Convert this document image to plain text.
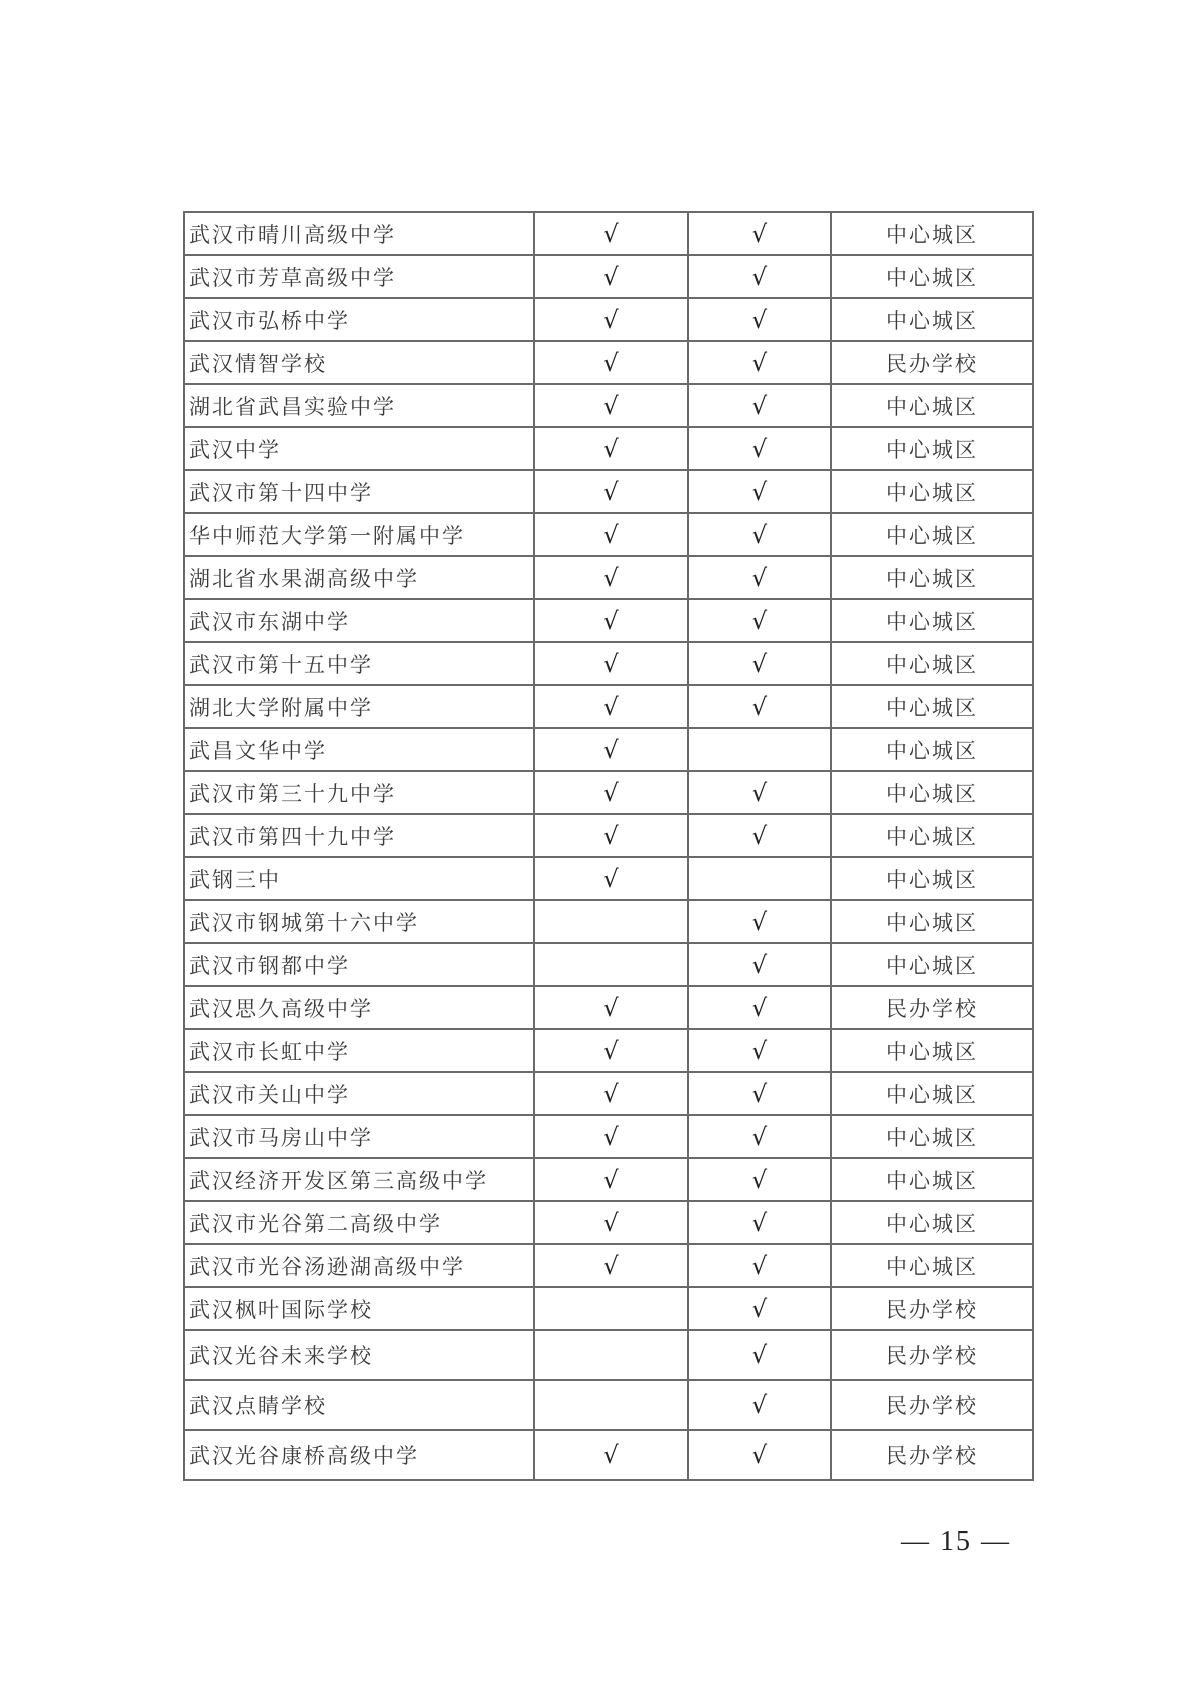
武汉市晴川高级中学	√	√	中心城区
武汉市芳草高级中学	√	√	中心城区
武汉市弘桥中学	√	√	中心城区
武汉情智学校	√	√	民办学校
湖北省武昌实验中学	√	√	中心城区
武汉中学	√	√	中心城区
武汉市第十四中学	√	√	中心城区
华中师范大学第一附属中学	√	√	中心城区
湖北省水果湖高级中学	√	√	中心城区
武汉市东湖中学	√	√	中心城区
武汉市第十五中学	√	√	中心城区
湖北大学附属中学	√	√	中心城区
武昌文华中学	√		中心城区
武汉市第三十九中学	√	√	中心城区
武汉市第四十九中学	√	√	中心城区
武钢三中	√		中心城区
武汉市钢城第十六中学		√	中心城区
武汉市钢都中学		√	中心城区
武汉思久高级中学	√	√	民办学校
武汉市长虹中学	√	√	中心城区
武汉市关山中学	√	√	中心城区
武汉市马房山中学	√	√	中心城区
武汉经济开发区第三高级中学	√	√	中心城区
武汉市光谷第二高级中学	√	√	中心城区
武汉市光谷汤逊湖高级中学	√	√	中心城区
武汉枫叶国际学校		√	民办学校
武汉光谷未来学校		√	民办学校
武汉点睛学校		√	民办学校
武汉光谷康桥高级中学	√	√	民办学校
— 15 —
